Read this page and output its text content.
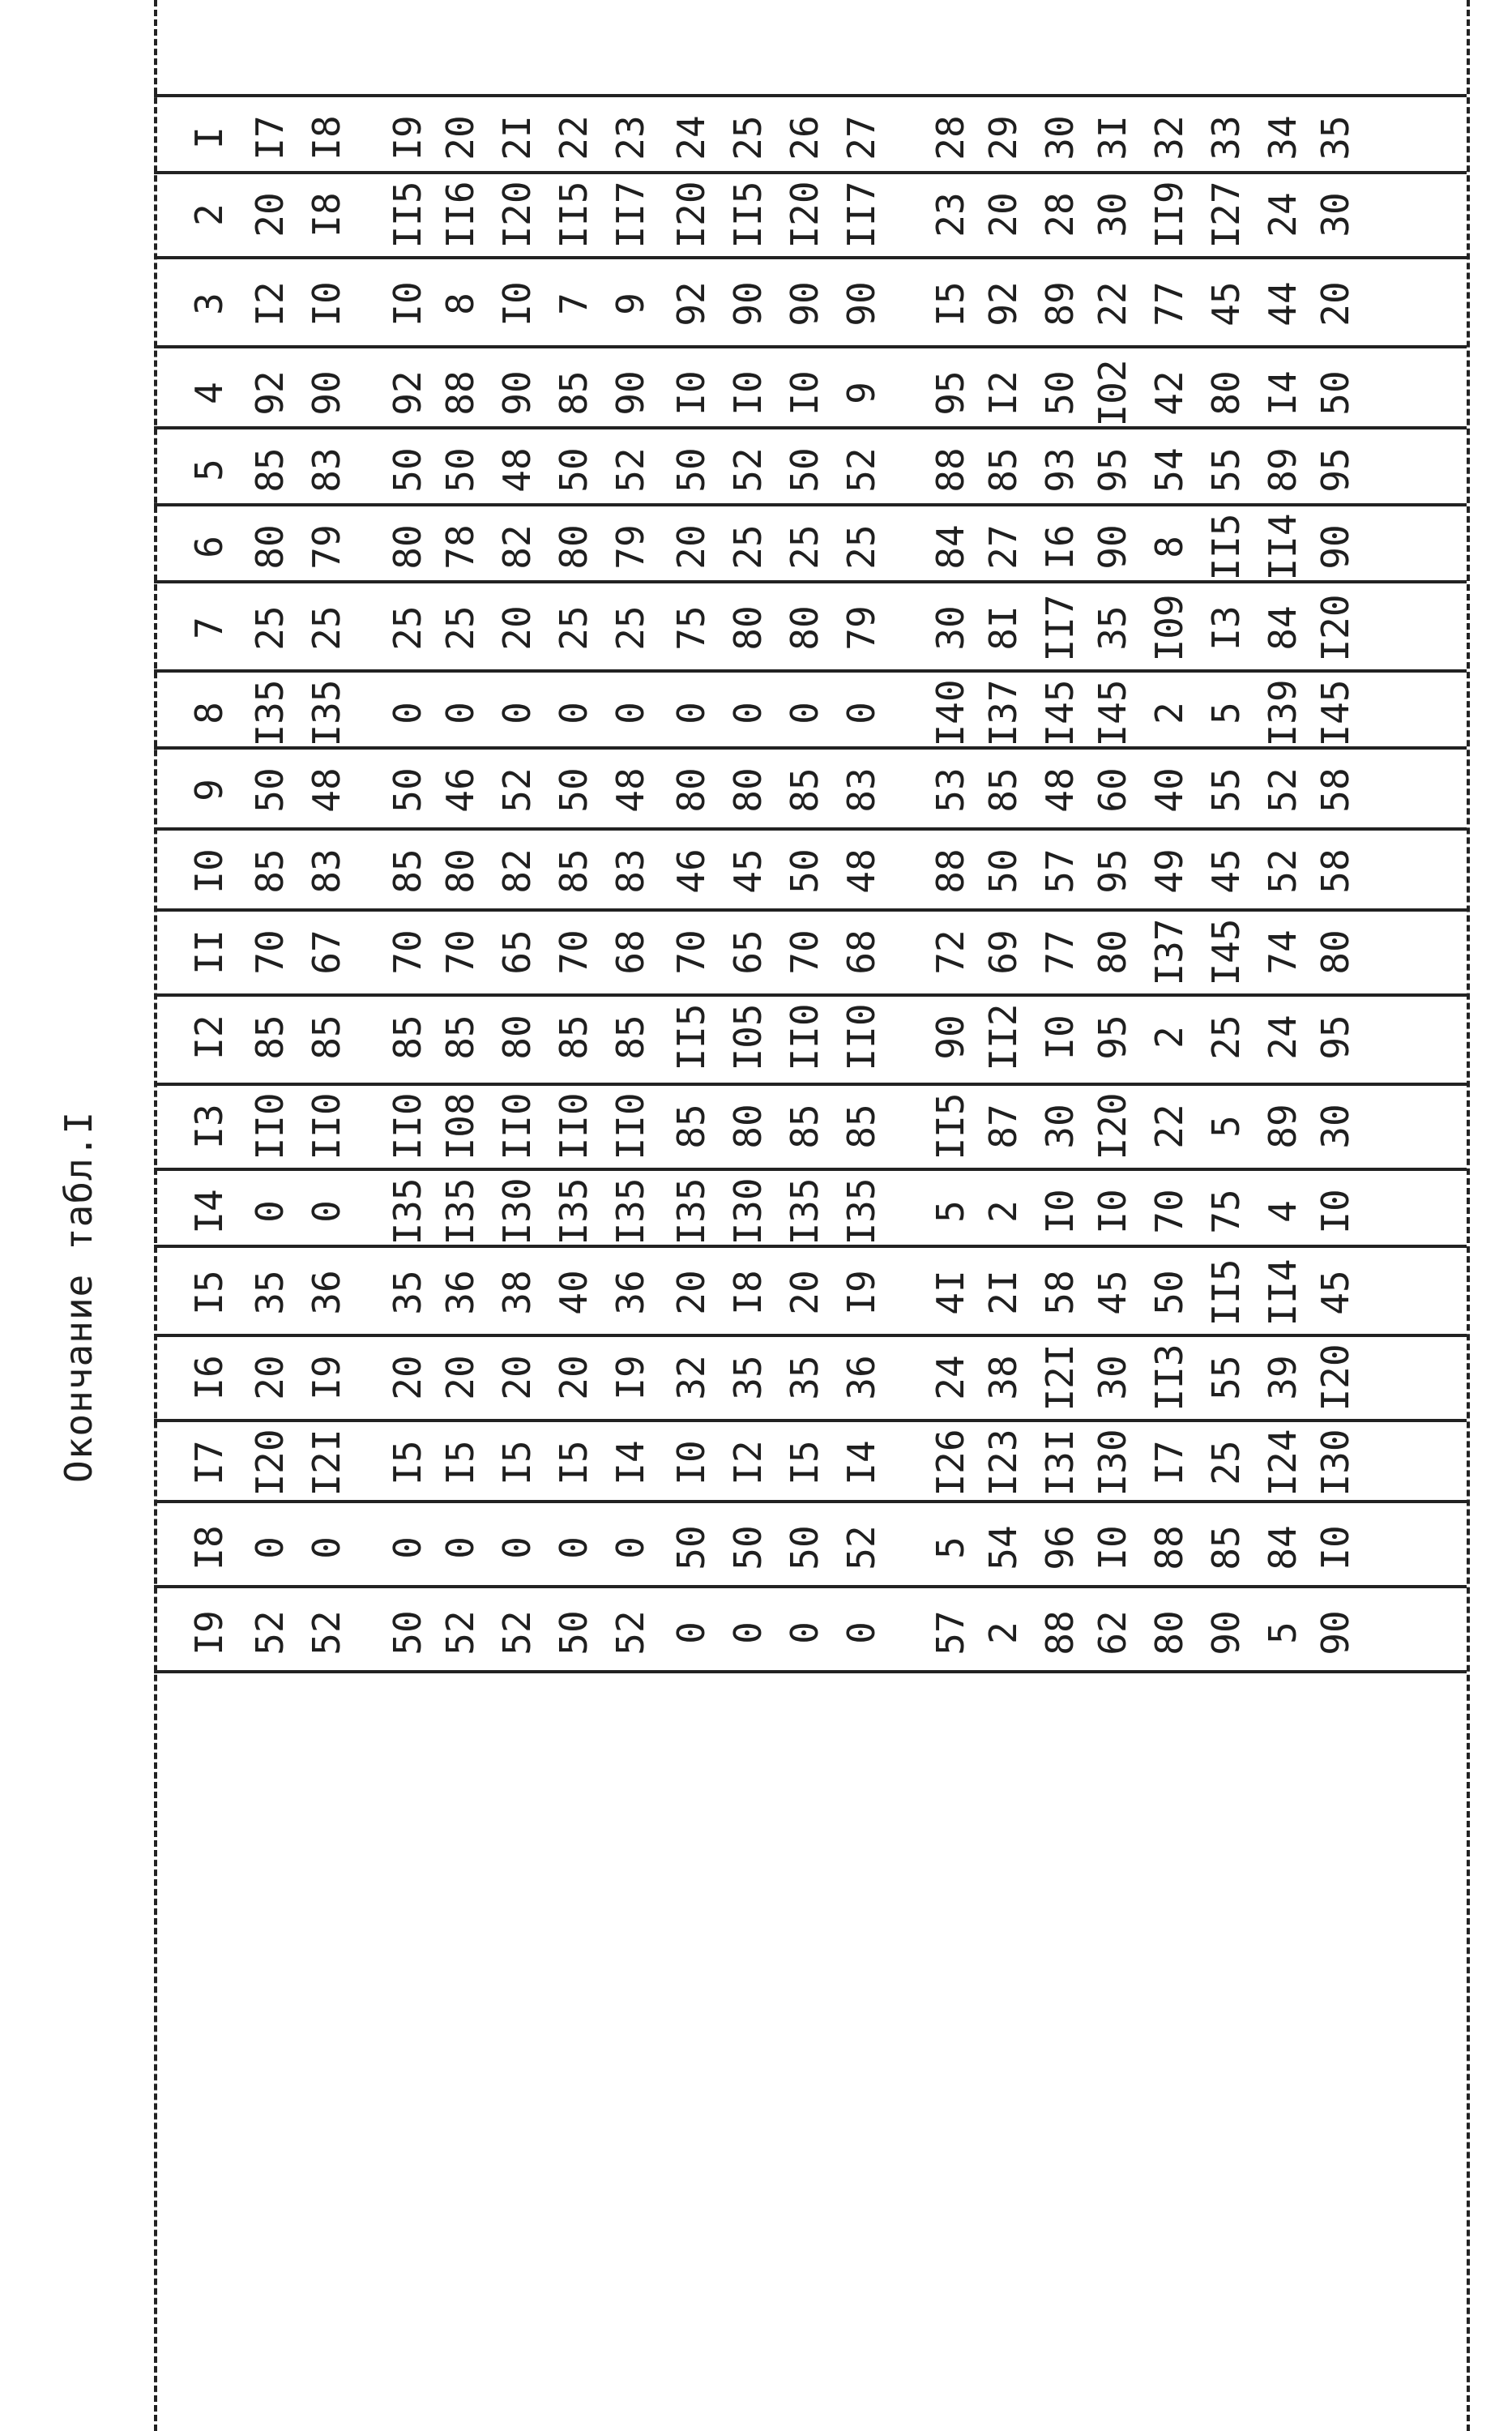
Окончание табл.I
I
2
3
4
5
6
7
8
9
I0
II
I2
I3
I4
I5
I6
I7
I8
I9
I7
20
I2
92
85
80
25
I35
50
85
70
85
II0
0
35
20
I20
0
52
I8
I8
I0
90
83
79
25
I35
48
83
67
85
II0
0
36
I9
I2I
0
52
I9
II5
I0
92
50
80
25
0
50
85
70
85
II0
I35
35
20
I5
0
50
20
II6
8
88
50
78
25
0
46
80
70
85
I08
I35
36
20
I5
0
52
2I
I20
I0
90
48
82
20
0
52
82
65
80
II0
I30
38
20
I5
0
52
22
II5
7
85
50
80
25
0
50
85
70
85
II0
I35
40
20
I5
0
50
23
II7
9
90
52
79
25
0
48
83
68
85
II0
I35
36
I9
I4
0
52
24
I20
92
I0
50
20
75
0
80
46
70
II5
85
I35
20
32
I0
50
0
25
II5
90
I0
52
25
80
0
80
45
65
I05
80
I30
I8
35
I2
50
0
26
I20
90
I0
50
25
80
0
85
50
70
II0
85
I35
20
35
I5
50
0
27
II7
90
9
52
25
79
0
83
48
68
II0
85
I35
I9
36
I4
52
0
28
23
I5
95
88
84
30
I40
53
88
72
90
II5
5
4I
24
I26
5
57
29
20
92
I2
85
27
8I
I37
85
50
69
II2
87
2
2I
38
I23
54
2
30
28
89
50
93
I6
II7
I45
48
57
77
I0
30
I0
58
I2I
I3I
96
88
3I
30
22
I02
95
90
35
I45
60
95
80
95
I20
I0
45
30
I30
I0
62
32
II9
77
42
54
8
I09
2
40
49
I37
2
22
70
50
II3
I7
88
80
33
I27
45
80
55
II5
I3
5
55
45
I45
25
5
75
II5
55
25
85
90
34
24
44
I4
89
II4
84
I39
52
52
74
24
89
4
II4
39
I24
84
5
35
30
20
50
95
90
I20
I45
58
58
80
95
30
I0
45
I20
I30
I0
90
